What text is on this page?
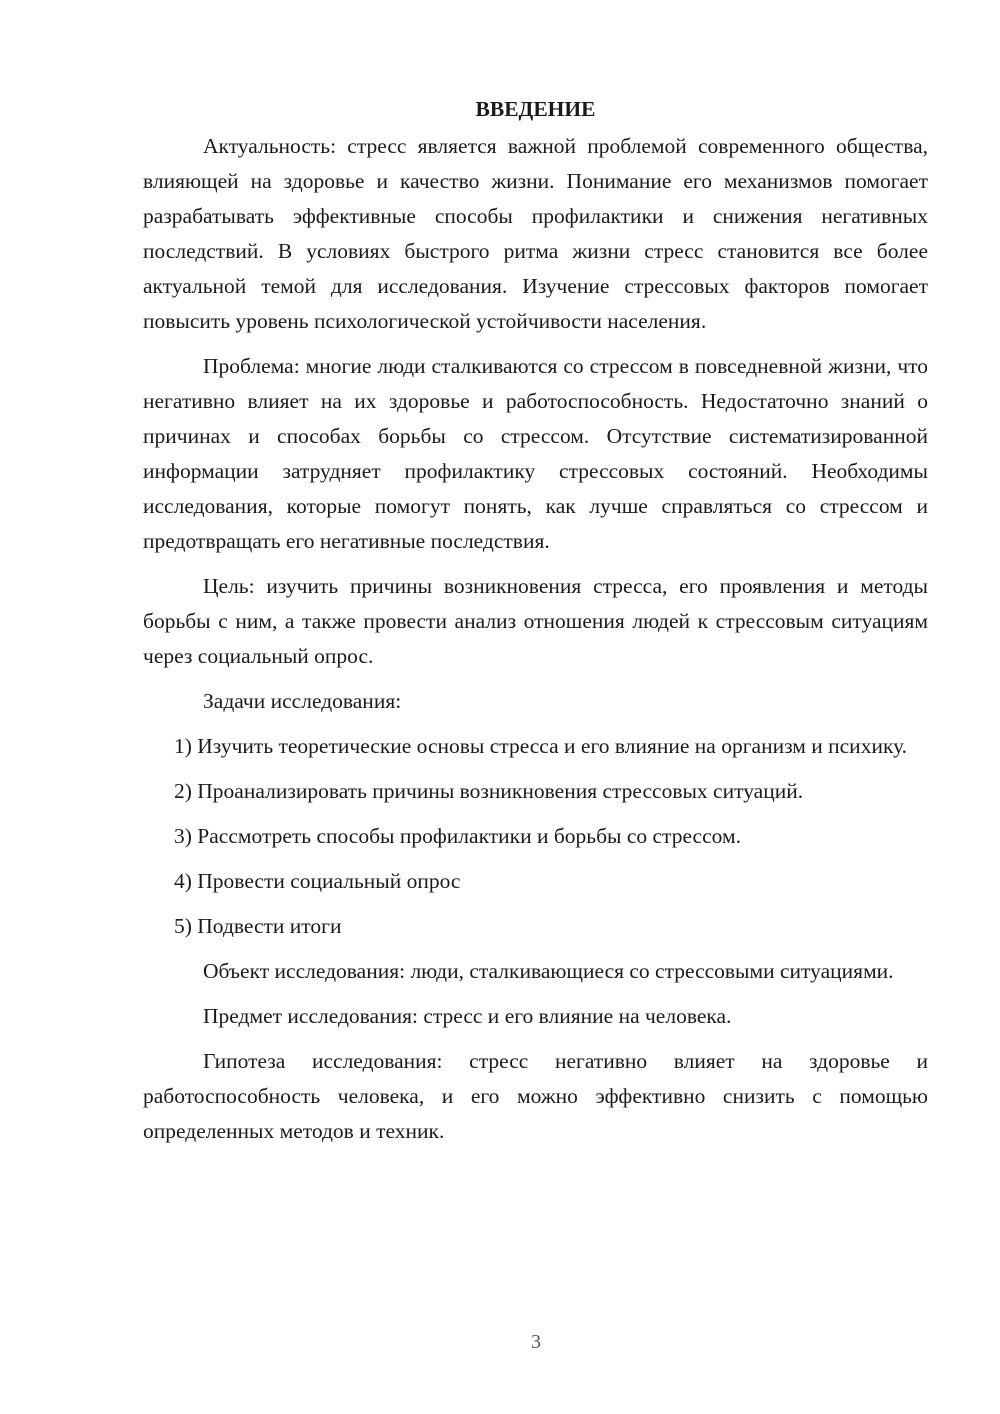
ВВЕДЕНИЕ

Актуальность: стресс является важной проблемой современного общества, влияющей на здоровье и качество жизни. Понимание его механизмов помогает разрабатывать эффективные способы профилактики и снижения негативных последствий. В условиях быстрого ритма жизни стресс становится все более актуальной темой для исследования. Изучение стрессовых факторов помогает повысить уровень психологической устойчивости населения.

Проблема: многие люди сталкиваются со стрессом в повседневной жизни, что негативно влияет на их здоровье и работоспособность. Недостаточно знаний о причинах и способах борьбы со стрессом. Отсутствие систематизированной информации затрудняет профилактику стрессовых состояний. Необходимы исследования, которые помогут понять, как лучше справляться со стрессом и предотвращать его негативные последствия.

Цель: изучить причины возникновения стресса, его проявления и методы борьбы с ним, а также провести анализ отношения людей к стрессовым ситуациям через социальный опрос.

Задачи исследования:

1) Изучить теоретические основы стресса и его влияние на организм и психику.

2) Проанализировать причины возникновения стрессовых ситуаций.

3) Рассмотреть способы профилактики и борьбы со стрессом.

4) Провести социальный опрос

5) Подвести итоги

Объект исследования: люди, сталкивающиеся со стрессовыми ситуациями.

Предмет исследования: стресс и его влияние на человека.

Гипотеза исследования: стресс негативно влияет на здоровье и работоспособность человека, и его можно эффективно снизить с помощью определенных методов и техник.

3
